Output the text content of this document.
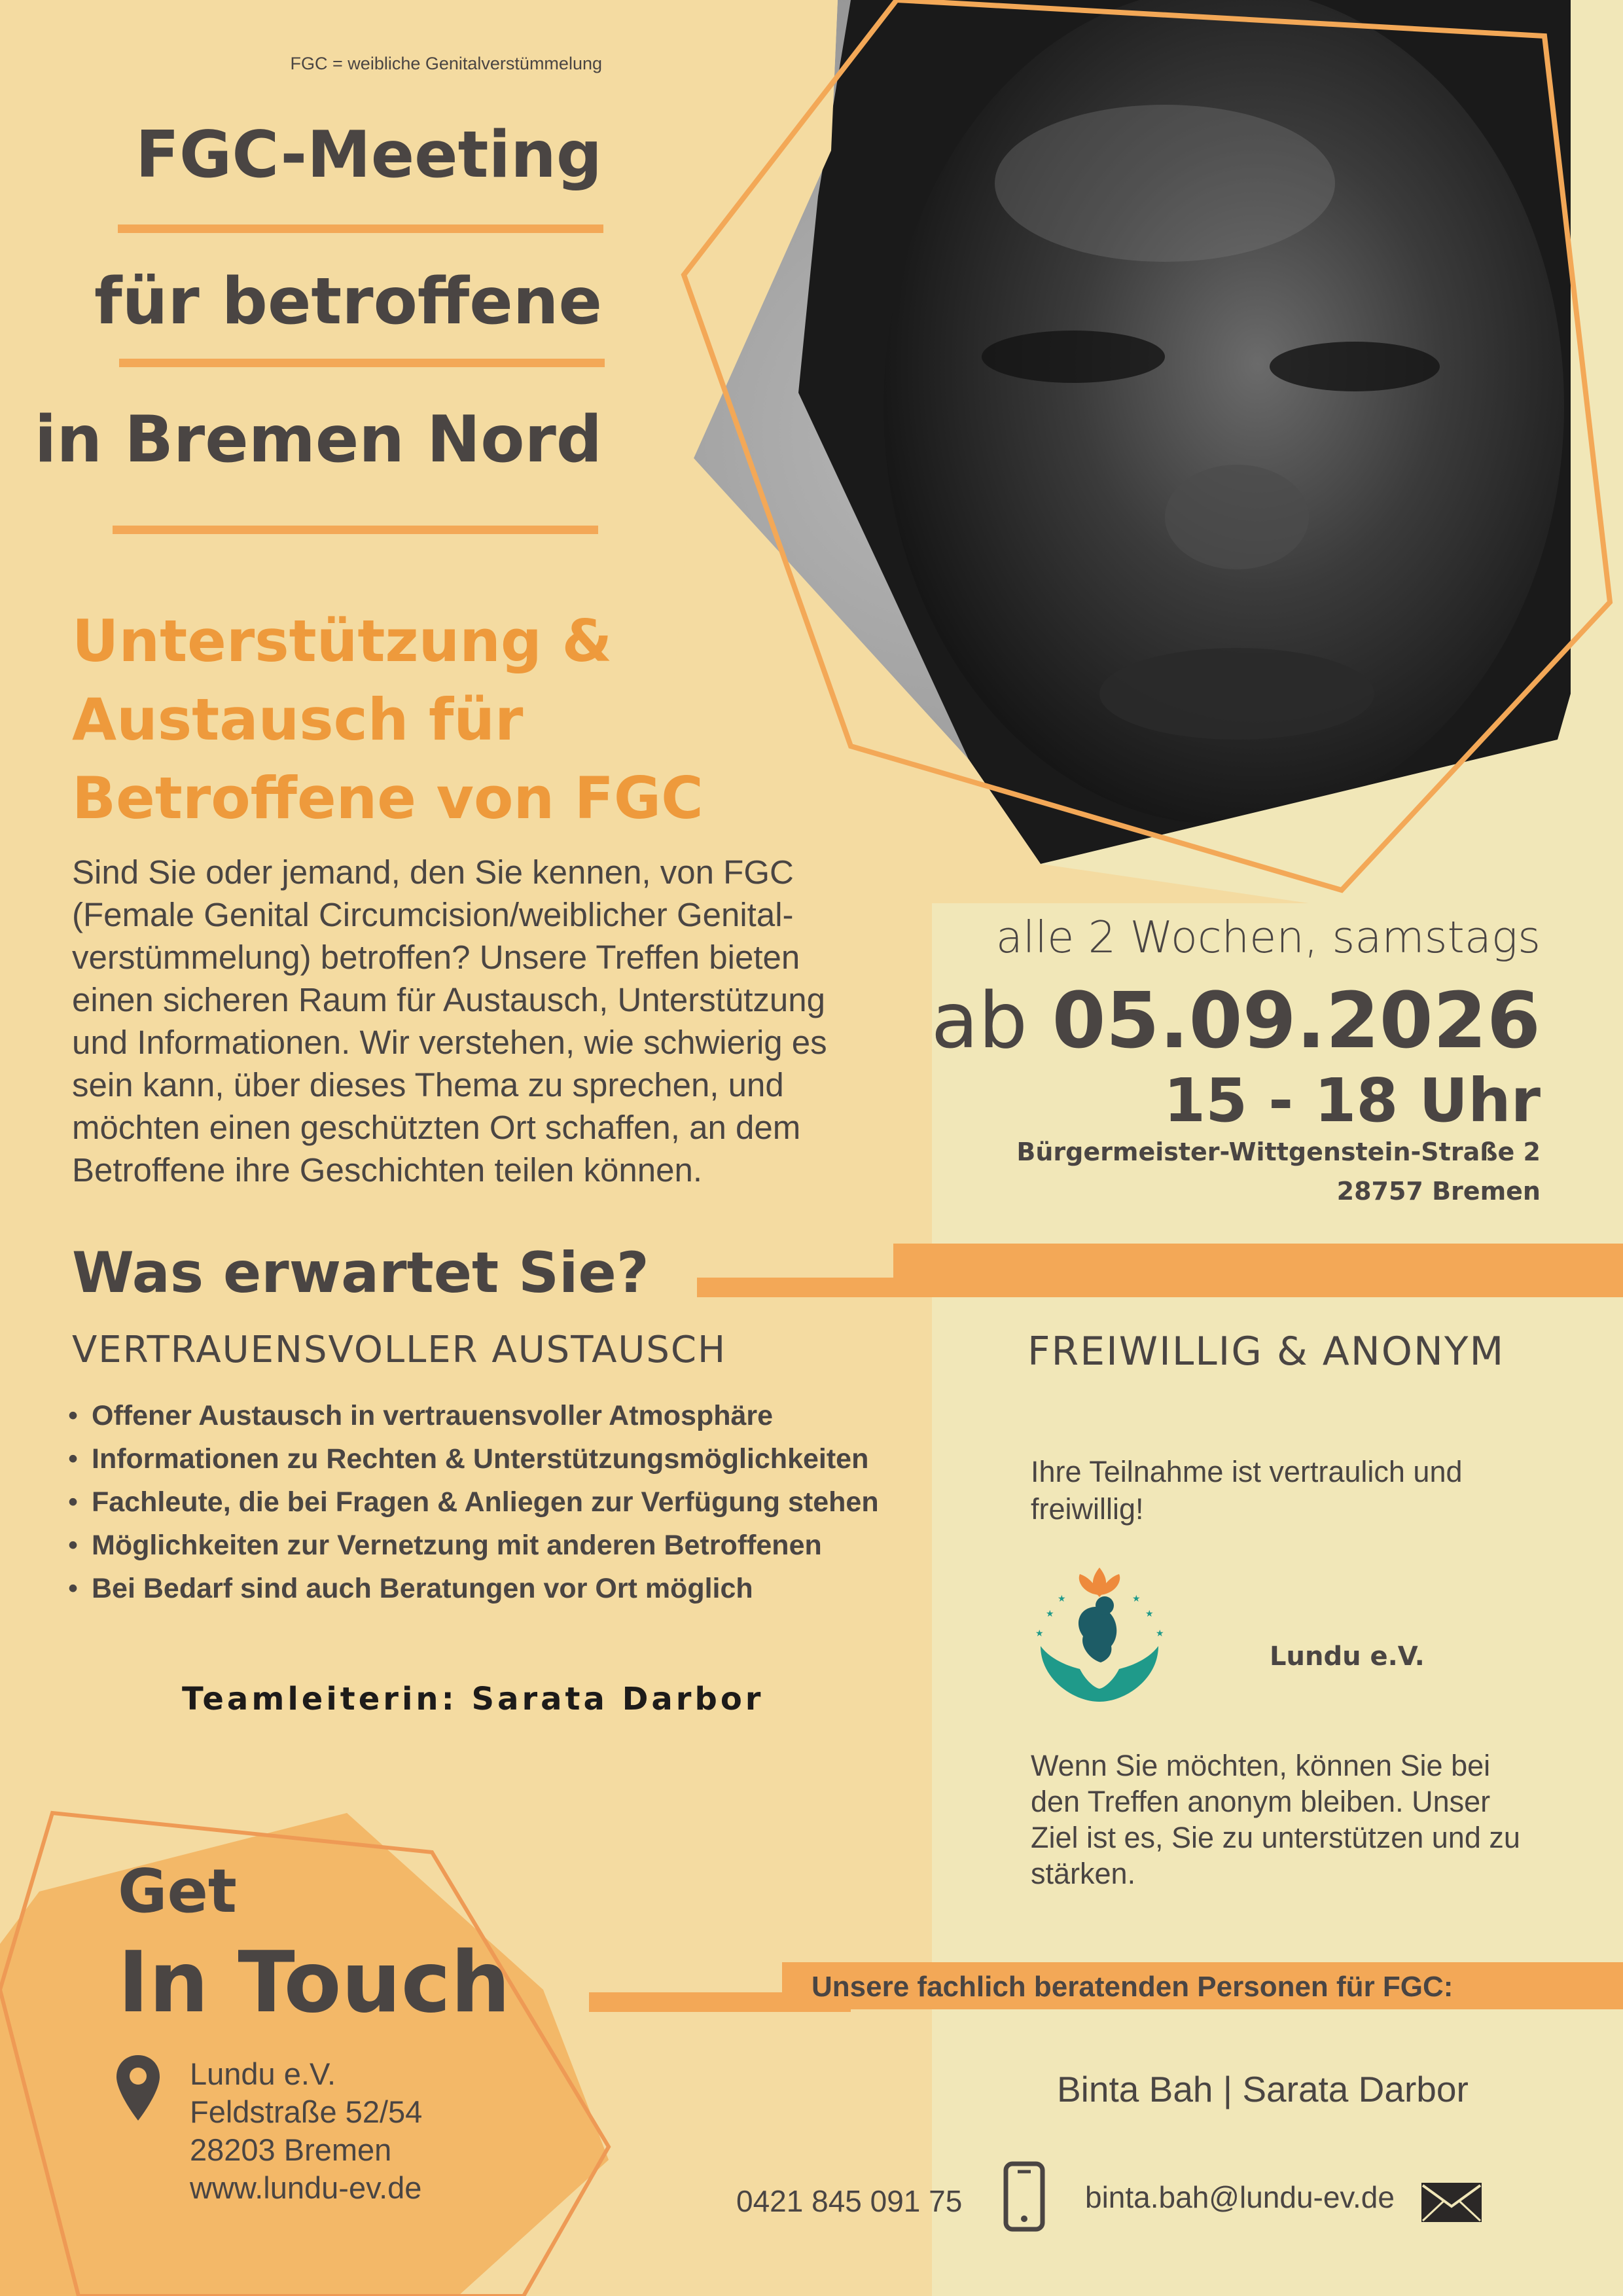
FGC = weibliche Genitalverstümmelung
FGC-Meeting
für betroffene
in Bremen Nord
Unterstützung &
Austausch für
Betroffene von FGC
Sind Sie oder jemand, den Sie kennen, von FGC
(Female Genital Circumcision/weiblicher Genital-
verstümmelung) betroffen? Unsere Treffen bieten
einen sicheren Raum für Austausch, Unterstützung
und Informationen. Wir verstehen, wie schwierig es
sein kann, über dieses Thema zu sprechen, und
möchten einen geschützten Ort schaffen, an dem
Betroffene ihre Geschichten teilen können.
alle 2 Wochen, samstags
ab 05.09.2026
15 - 18 Uhr
Bürgermeister-Wittgenstein-Straße 2
28757 Bremen
Was erwartet Sie?
VERTRAUENSVOLLER AUSTAUSCH	FREIWILLIG & ANONYM
• Offener Austausch in vertrauensvoller Atmosphäre
• Informationen zu Rechten & Unterstützungsmöglichkeiten
• Fachleute, die bei Fragen & Anliegen zur Verfügung stehen
• Möglichkeiten zur Vernetzung mit anderen Betroffenen
• Bei Bedarf sind auch Beratungen vor Ort möglich
Teamleiterin: Sarata Darbor
Ihre Teilnahme ist vertraulich und
freiwillig!
★
★
★
★
★	★
Lundu e.V.
Wenn Sie möchten, können Sie bei
den Treffen anonym bleiben. Unser
Ziel ist es, Sie zu unterstützen und zu
stärken.
Get
In Touch
Lundu e.V.
Feldstraße 52/54
28203 Bremen
www.lundu-ev.de
Unsere fachlich beratenden Personen für FGC:
Binta Bah | Sarata Darbor
0421 845 091 75	binta.bah@lundu-ev.de
